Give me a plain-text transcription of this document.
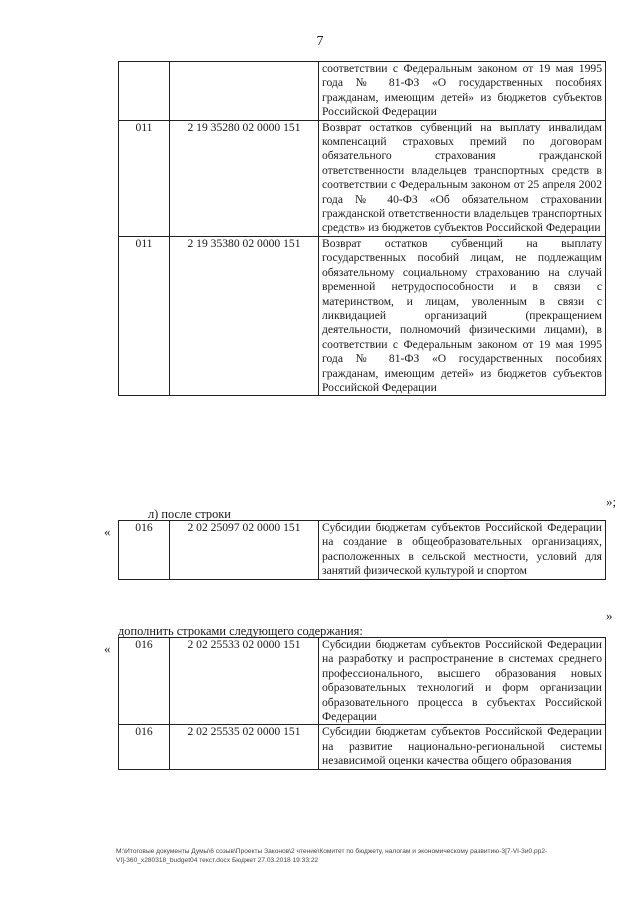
7
		соответствии с Федеральным законом от 19 мая 1995 года № 81-ФЗ «О государственных пособиях гражданам, имеющим детей» из бюджетов субъектов Российской Федерации
011	2 19 35280 02 0000 151	Возврат остатков субвенций на выплату инвалидам компенсаций страховых премий по договорам обязательного страхования гражданской ответственности владельцев транспортных средств в соответствии с Федеральным законом от 25 апреля 2002 года № 40-ФЗ «Об обязательном страховании гражданской ответственности владельцев транспортных средств» из бюджетов субъектов Российской Федерации
011	2 19 35380 02 0000 151	Возврат остатков субвенций на выплату государственных пособий лицам, не подлежащим обязательному социальному страхованию на случай временной нетрудоспособности и в связи с материнством, и лицам, уволенным в связи с ликвидацией организаций (прекращением деятельности, полномочий физическими лицами), в соответствии с Федеральным законом от 19 мая 1995 года № 81-ФЗ «О государственных пособиях гражданам, имеющим детей» из бюджетов субъектов Российской Федерации
»;
л) после строки
« 016	2 02 25097 02 0000 151	Субсидии бюджетам субъектов Российской Федерации на создание в общеобразовательных организациях, расположенных в сельской местности, условий для занятий физической культурой и спортом
»
дополнить строками следующего содержания:
« 016	2 02 25533 02 0000 151	Субсидии бюджетам субъектов Российской Федерации на разработку и распространение в системах среднего профессионального, высшего образования новых образовательных технологий и форм организации образовательного процесса в субъектах Российской Федерации
016	2 02 25535 02 0000 151	Субсидии бюджетам субъектов Российской Федерации на развитие национально-региональной системы независимой оценки качества общего образования
М:\Итоговые документы Думы\6 созыв\Проекты Законов\2 чтение\Комитет по бюджету, налогам и экономическому развитию-3[7-VI-3и0.рр2-VI]-360_х280318_budget04 текст.docx Бюджет 27.03.2018 19:33:22
